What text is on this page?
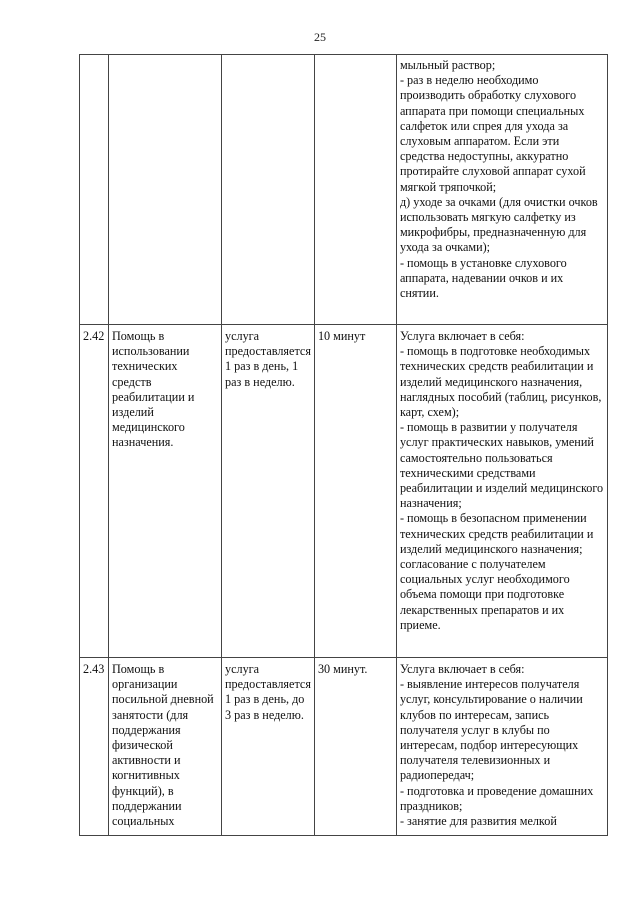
25
				мыльный раствор;
- раз в неделю необходимо производить обработку слухового аппарата при помощи специальных салфеток или спрея для ухода за слуховым аппаратом. Если эти средства недоступны, аккуратно протирайте слуховой аппарат сухой мягкой тряпочкой;
д) уходе за очками (для очистки очков использовать мягкую салфетку из микрофибры, предназначенную для ухода за очками);
- помощь в установке слухового аппарата, надевании очков и их снятии.
2.42	Помощь в использовании технических средств реабилитации и изделий медицинского назначения.	услуга предоставляется 1 раз в день, 1 раз в неделю.	10 минут	Услуга включает в себя:
- помощь в подготовке необходимых технических средств реабилитации и изделий медицинского назначения, наглядных пособий (таблиц, рисунков, карт, схем);
- помощь в развитии у получателя услуг практических навыков, умений самостоятельно пользоваться техническими средствами реабилитации и изделий медицинского назначения;
- помощь в безопасном применении технических средств реабилитации и изделий медицинского назначения;
согласование с получателем социальных услуг необходимого объема помощи при подготовке лекарственных препаратов и их приеме.
2.43	Помощь в организации посильной дневной занятости (для поддержания физической активности и когнитивных функций), в поддержании социальных	услуга предоставляется 1 раз в день, до 3 раз в неделю.	30 минут.	Услуга включает в себя:
- выявление интересов получателя услуг, консультирование о наличии клубов по интересам, запись получателя услуг в клубы по интересам, подбор интересующих получателя телевизионных и радиопередач;
- подготовка и проведение домашних праздников;
- занятие для развития мелкой
